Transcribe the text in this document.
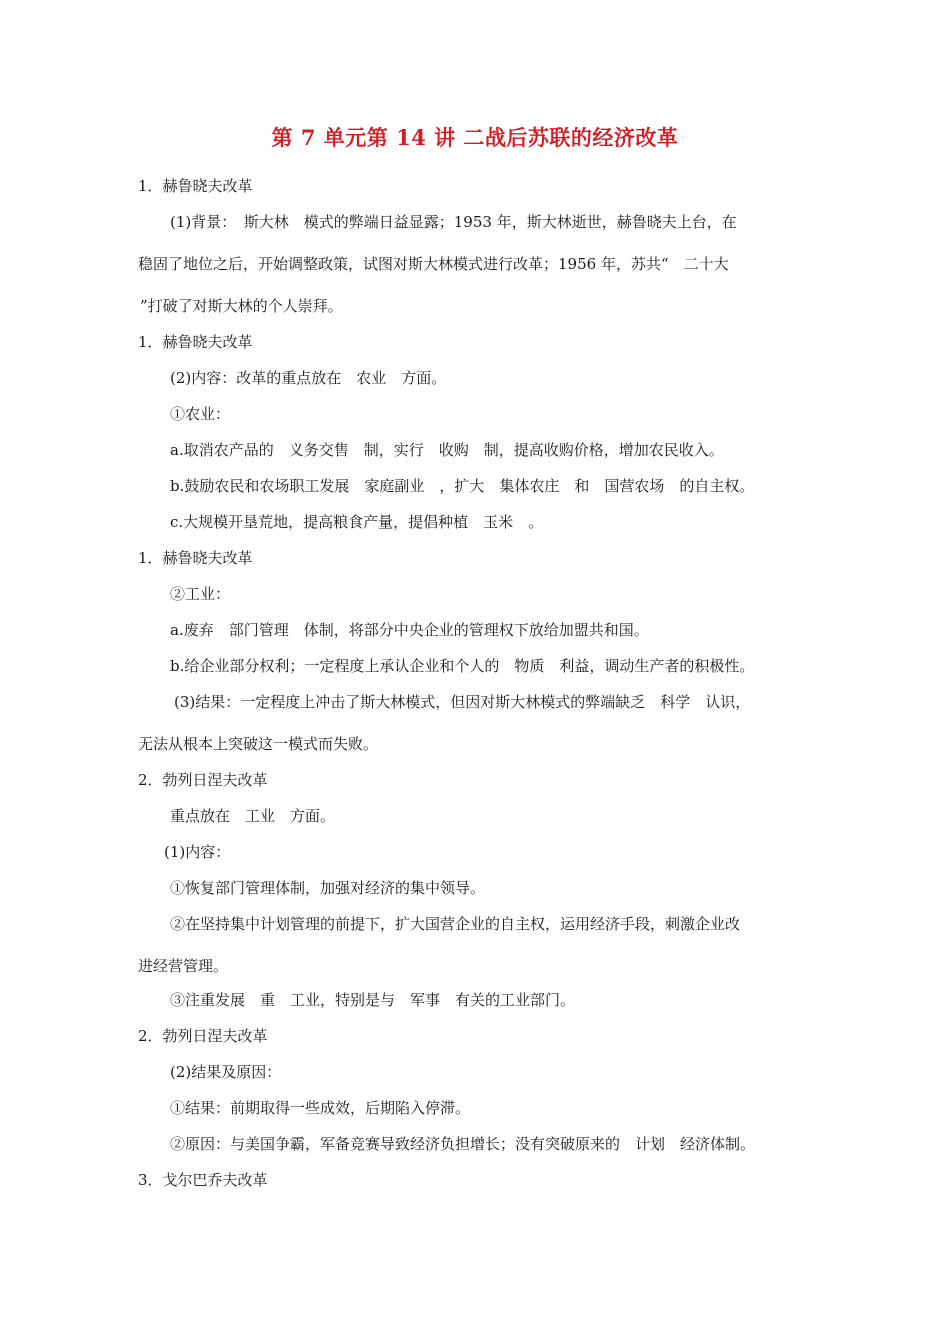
第 7 单元第 14 讲 二战后苏联的经济改革
1．赫鲁晓夫改革
(1)背景：　斯大林　模式的弊端日益显露；1953 年，斯大林逝世，赫鲁晓夫上台，在
稳固了地位之后，开始调整政策，试图对斯大林模式进行改革；1956 年，苏共“　二十大
”打破了对斯大林的个人崇拜。
1．赫鲁晓夫改革
(2)内容：改革的重点放在　农业　方面。
①农业：
a.取消农产品的　义务交售　制，实行　收购　制，提高收购价格，增加农民收入。
b.鼓励农民和农场职工发展　家庭副业　，扩大　集体农庄　和　国营农场　的自主权。
c.大规模开垦荒地，提高粮食产量，提倡种植　玉米　。
1．赫鲁晓夫改革
②工业：
a.废弃　部门管理　体制，将部分中央企业的管理权下放给加盟共和国。
b.给企业部分权利；一定程度上承认企业和个人的　物质　利益，调动生产者的积极性。
(3)结果：一定程度上冲击了斯大林模式，但因对斯大林模式的弊端缺乏　科学　认识，
无法从根本上突破这一模式而失败。
2．勃列日涅夫改革
重点放在　工业　方面。
(1)内容：
①恢复部门管理体制，加强对经济的集中领导。
②在坚持集中计划管理的前提下，扩大国营企业的自主权，运用经济手段，刺激企业改
进经营管理。
③注重发展　重　工业，特别是与　军事　有关的工业部门。
2．勃列日涅夫改革
(2)结果及原因：
①结果：前期取得一些成效，后期陷入停滞。
②原因：与美国争霸，军备竞赛导致经济负担增长；没有突破原来的　计划　经济体制。
3．戈尔巴乔夫改革
